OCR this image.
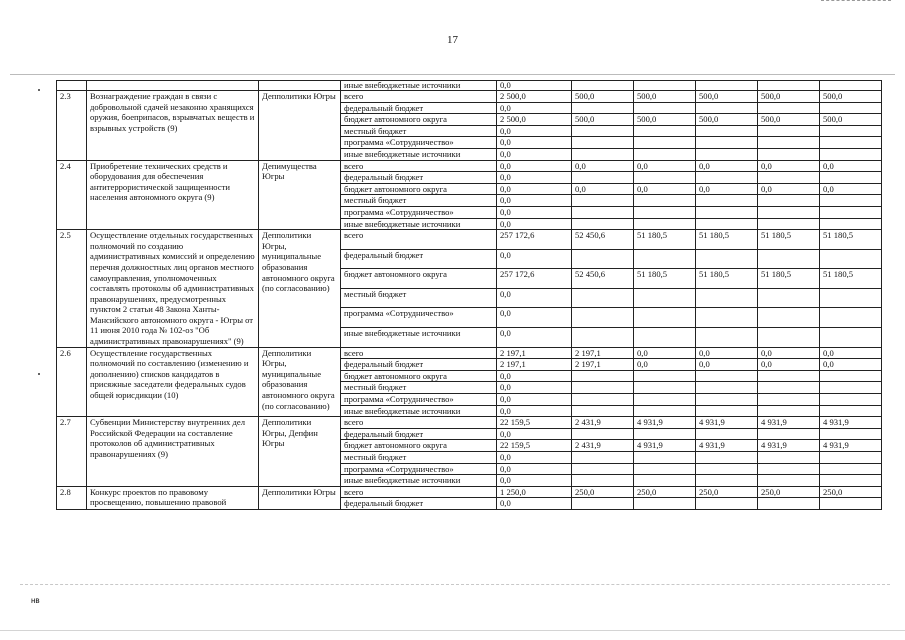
17
			иные внебюджетные источники	0,0					
2.3	Вознаграждение граждан в связи с добровольной сдачей незаконно хранящихся оружия, боеприпасов, взрывчатых веществ и взрывных устройств (9)	Депполитики Югры	всего	2 500,0	500,0	500,0	500,0	500,0	500,0
			федеральный бюджет	0,0					
			бюджет автономного округа	2 500,0	500,0	500,0	500,0	500,0	500,0
			местный бюджет	0,0					
			программа «Сотрудничество»	0,0					
			иные внебюджетные источники	0,0					
2.4	Приобретение технических средств и оборудования для обеспечения антитеррористической защищенности населения автономного округа (9)	Депимущества Югры	всего	0,0	0,0	0,0	0,0	0,0	0,0
			федеральный бюджет	0,0					
			бюджет автономного округа	0,0	0,0	0,0	0,0	0,0	0,0
			местный бюджет	0,0					
			программа «Сотрудничество»	0,0					
			иные внебюджетные источники	0,0					
2.5	Осуществление отдельных государственных полномочий по созданию административных комиссий и определению перечня должностных лиц органов местного самоуправления, уполномоченных составлять протоколы об административных правонарушениях, предусмотренных пунктом 2 статьи 48 Закона Ханты-Мансийского автономного округа - Югры от 11 июня 2010 года № 102-оз "Об административных правонарушениях" (9)	Депполитики Югры, муниципальные образования автономного округа (по согласованию)	всего	257 172,6	52 450,6	51 180,5	51 180,5	51 180,5	51 180,5
			федеральный бюджет	0,0					
			бюджет автономного округа	257 172,6	52 450,6	51 180,5	51 180,5	51 180,5	51 180,5
			местный бюджет	0,0					
			программа «Сотрудничество»	0,0					
			иные внебюджетные источники	0,0					
2.6	Осуществление государственных полномочий по составлению (изменению и дополнению) списков кандидатов в присяжные заседатели федеральных судов общей юрисдикции (10)	Депполитики Югры, муниципальные образования автономного округа (по согласованию)	всего	2 197,1	2 197,1	0,0	0,0	0,0	0,0
			федеральный бюджет	2 197,1	2 197,1	0,0	0,0	0,0	0,0
			бюджет автономного округа	0,0					
			местный бюджет	0,0					
			программа «Сотрудничество»	0,0					
			иные внебюджетные источники	0,0					
2.7	Субвенции Министерству внутренних дел Российской Федерации на составление протоколов об административных правонарушениях (9)	Депполитики Югры, Депфин Югры	всего	22 159,5	2 431,9	4 931,9	4 931,9	4 931,9	4 931,9
			федеральный бюджет	0,0					
			бюджет автономного округа	22 159,5	2 431,9	4 931,9	4 931,9	4 931,9	4 931,9
			местный бюджет	0,0					
			программа «Сотрудничество»	0,0					
			иные внебюджетные источники	0,0					
2.8	Конкурс проектов по правовому просвещению, повышению правовой	Депполитики Югры	всего	1 250,0	250,0	250,0	250,0	250,0	250,0
			федеральный бюджет	0,0					
нв
